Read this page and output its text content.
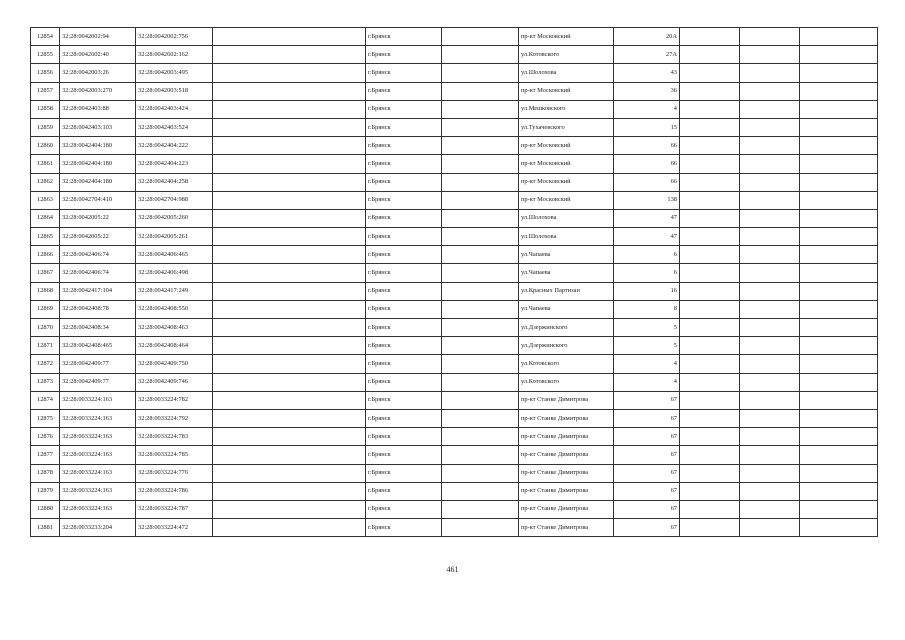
12854	32:28:0042002:94	32:28:0042002:756		г.Брянск		пр-кт Московский	20А			
12855	32:28:0042602:40	32:28:0042602:162		г.Брянск		ул.Котовского	27А			
12856	32:28:0042003:26	32:28:0042003:495		г.Брянск		ул.Шолохова	43			
12857	32:28:0042003:270	32:28:0042003:518		г.Брянск		пр-кт Московский	36			
12858	32:28:0042403:88	32:28:0042403:424		г.Брянск		ул.Мешковского	4			
12859	32:28:0042403:103	32:28:0042403:524		г.Брянск		ул.Тухачевского	15			
12860	32:28:0042404:180	32:28:0042404:222		г.Брянск		пр-кт Московский	66			
12861	32:28:0042404:180	32:28:0042404:223		г.Брянск		пр-кт Московский	66			
12862	32:28:0042404:180	32:28:0042404:258		г.Брянск		пр-кт Московский	66			
12863	32:28:0042704:410	32:28:0042704:988		г.Брянск		пр-кт Московский	138			
12864	32:28:0042005:22	32:28:0042005:260		г.Брянск		ул.Шолохова	47			
12865	32:28:0042005:22	32:28:0042005:261		г.Брянск		ул.Шолохова	47			
12866	32:28:0042406:74	32:28:0042406:465		г.Брянск		ул.Чапаева	6			
12867	32:28:0042406:74	32:28:0042406:498		г.Брянск		ул.Чапаева	6			
12868	32:28:0042417:104	32:28:0042417:249		г.Брянск		ул.Красных Партизан	16			
12869	32:28:0042408:78	32:28:0042408:550		г.Брянск		ул.Чапаева	8			
12870	32:28:0042408:34	32:28:0042408:463		г.Брянск		ул.Дзержинского	5			
12871	32:28:0042408:465	32:28:0042408:464		г.Брянск		ул.Дзержинского	5			
12872	32:28:0042409:77	32:28:0042409:750		г.Брянск		ул.Котовского	4			
12873	32:28:0042409:77	32:28:0042409:746		г.Брянск		ул.Котовского	4			
12874	32:28:0033224:163	32:28:0033224:782		г.Брянск		пр-кт Станке Димитрова	67			
12875	32:28:0033224:163	32:28:0033224:792		г.Брянск		пр-кт Станке Димитрова	67			
12876	32:28:0033224:163	32:28:0033224:783		г.Брянск		пр-кт Станке Димитрова	67			
12877	32:28:0033224:163	32:28:0033224:785		г.Брянск		пр-кт Станке Димитрова	67			
12878	32:28:0033224:163	32:28:0033224:776		г.Брянск		пр-кт Станке Димитрова	67			
12879	32:28:0033224:163	32:28:0033224:786		г.Брянск		пр-кт Станке Димитрова	67			
12880	32:28:0033224:163	32:28:0033224:787		г.Брянск		пр-кт Станке Димитрова	67			
12881	32:28:0033233:204	32:28:0033224:472		г.Брянск		пр-кт Станке Димитрова	67			
461
